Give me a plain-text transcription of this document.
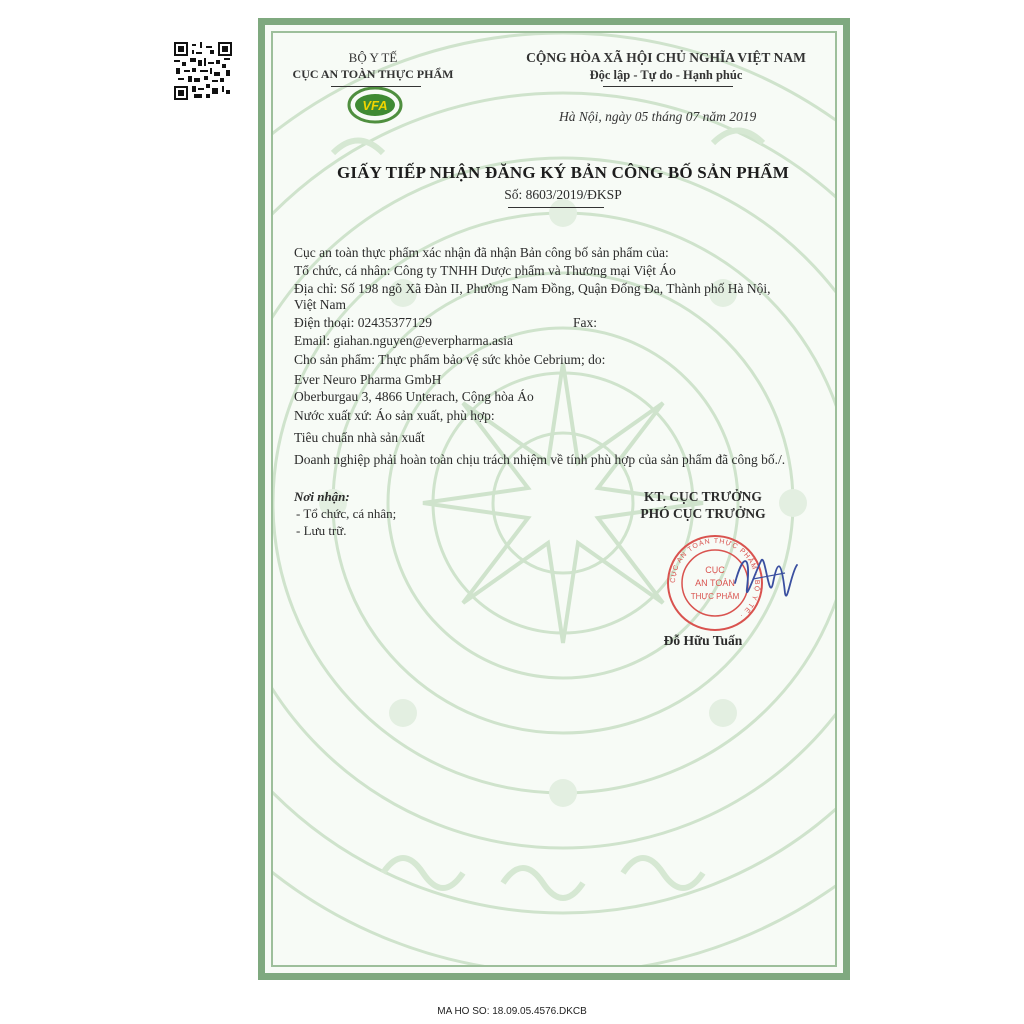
VFA
BỘ Y TẾ
CỤC AN TOÀN THỰC PHẨM
CỘNG HÒA XÃ HỘI CHỦ NGHĨA VIỆT NAM
Độc lập - Tự do - Hạnh phúc
Hà Nội, ngày 05 tháng 07 năm 2019
GIẤY TIẾP NHẬN ĐĂNG KÝ BẢN CÔNG BỐ SẢN PHẨM
Số: 8603/2019/ĐKSP
Cục an toàn thực phẩm xác nhận đã nhận Bản công bố sản phẩm của:
Tổ chức, cá nhân: Công ty TNHH Dược phẩm và Thương mại Việt Áo
Địa chỉ: Số 198 ngõ Xã Đàn II, Phường Nam Đồng, Quận Đống Đa, Thành phố Hà Nội,
Việt Nam
Điện thoại: 02435377129	Fax:
Email: giahan.nguyen@everpharma.asia
Cho sản phẩm: Thực phẩm bảo vệ sức khỏe Cebrium; do:
Ever Neuro Pharma GmbH
Oberburgau 3, 4866 Unterach, Cộng hòa Áo
Nước xuất xứ: Áo sản xuất, phù hợp:
Tiêu chuẩn nhà sản xuất
Doanh nghiệp phải hoàn toàn chịu trách nhiệm về tính phù hợp của sản phẩm đã công bố./.
Nơi nhận:
- Tổ chức, cá nhân;
- Lưu trữ.
KT. CỤC TRƯỞNG
PHÓ CỤC TRƯỞNG
CỤC AN TOÀN THỰC PHẨM · BỘ Y TẾ ·
CỤC
AN TOÀN
THỰC PHẨM
Đỗ Hữu Tuấn
MA HO SO: 18.09.05.4576.DKCB
